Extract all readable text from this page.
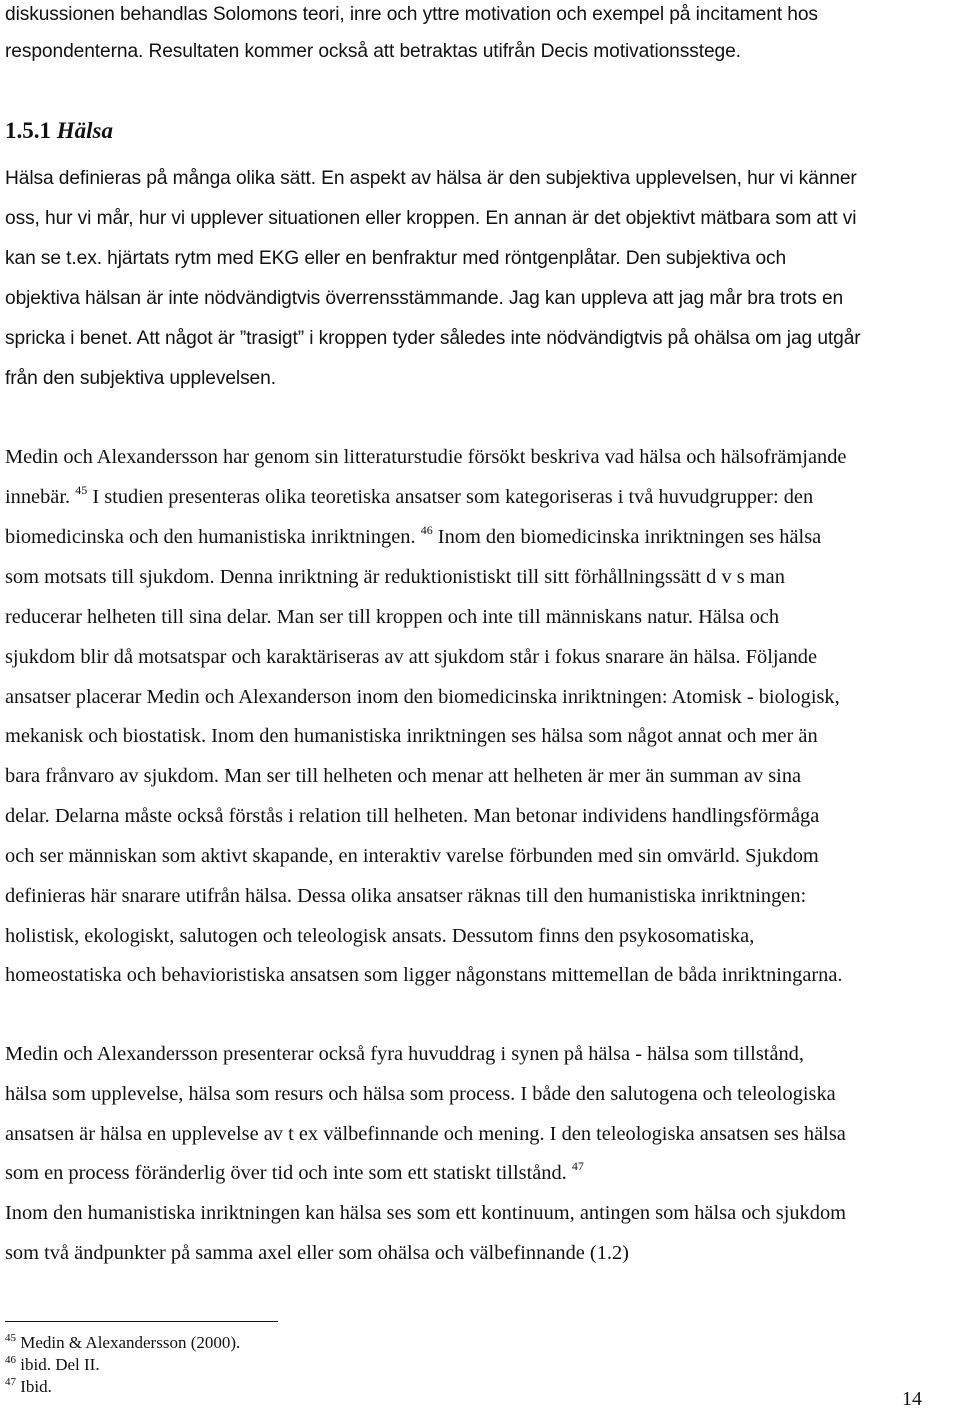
diskussionen behandlas Solomons teori, inre och yttre motivation och exempel på incitament hos

respondenterna. Resultaten kommer också att betraktas utifrån Decis motivationsstege.

1.5.1 Hälsa

Hälsa definieras på många olika sätt. En aspekt av hälsa är den subjektiva upplevelsen, hur vi känner

oss, hur vi mår, hur vi upplever situationen eller kroppen. En annan är det objektivt mätbara som att vi

kan se t.ex. hjärtats rytm med EKG eller en benfraktur med röntgenplåtar. Den subjektiva och

objektiva hälsan är inte nödvändigtvis överrensstämmande. Jag kan uppleva att jag mår bra trots en

spricka i benet. Att något är ”trasigt” i kroppen tyder således inte nödvändigtvis på ohälsa om jag utgår

från den subjektiva upplevelsen.

Medin och Alexandersson har genom sin litteraturstudie försökt beskriva vad hälsa och hälsofrämjande

innebär. $^{45}$ I studien presenteras olika teoretiska ansatser som kategoriseras i två huvudgrupper: den

biomedicinska och den humanistiska inriktningen. $^{46}$ Inom den biomedicinska inriktningen ses hälsa

som motsats till sjukdom. Denna inriktning är reduktionistiskt till sitt förhållningssätt d v s man

reducerar helheten till sina delar. Man ser till kroppen och inte till människans natur. Hälsa och

sjukdom blir då motsatspar och karaktäriseras av att sjukdom står i fokus snarare än hälsa. Följande

ansatser placerar Medin och Alexanderson inom den biomedicinska inriktningen: Atomisk - biologisk,

mekanisk och biostatisk. Inom den humanistiska inriktningen ses hälsa som något annat och mer än

bara frånvaro av sjukdom. Man ser till helheten och menar att helheten är mer än summan av sina

delar. Delarna måste också förstås i relation till helheten. Man betonar individens handlingsförmåga

och ser människan som aktivt skapande, en interaktiv varelse förbunden med sin omvärld. Sjukdom

definieras här snarare utifrån hälsa. Dessa olika ansatser räknas till den humanistiska inriktningen:

holistisk, ekologiskt, salutogen och teleologisk ansats. Dessutom finns den psykosomatiska,

homeostatiska och behavioristiska ansatsen som ligger någonstans mittemellan de båda inriktningarna.

Medin och Alexandersson presenterar också fyra huvuddrag i synen på hälsa - hälsa som tillstånd,

hälsa som upplevelse, hälsa som resurs och hälsa som process. I både den salutogena och teleologiska

ansatsen är hälsa en upplevelse av t ex välbefinnande och mening. I den teleologiska ansatsen ses hälsa

som en process föränderlig över tid och inte som ett statiskt tillstånd. $^{47}$

Inom den humanistiska inriktningen kan hälsa ses som ett kontinuum, antingen som hälsa och sjukdom

som två ändpunkter på samma axel eller som ohälsa och välbefinnande (1.2)

$^{45}$ Medin & Alexandersson (2000).

$^{46}$ ibid. Del II.

$^{47}$ Ibid.

14
